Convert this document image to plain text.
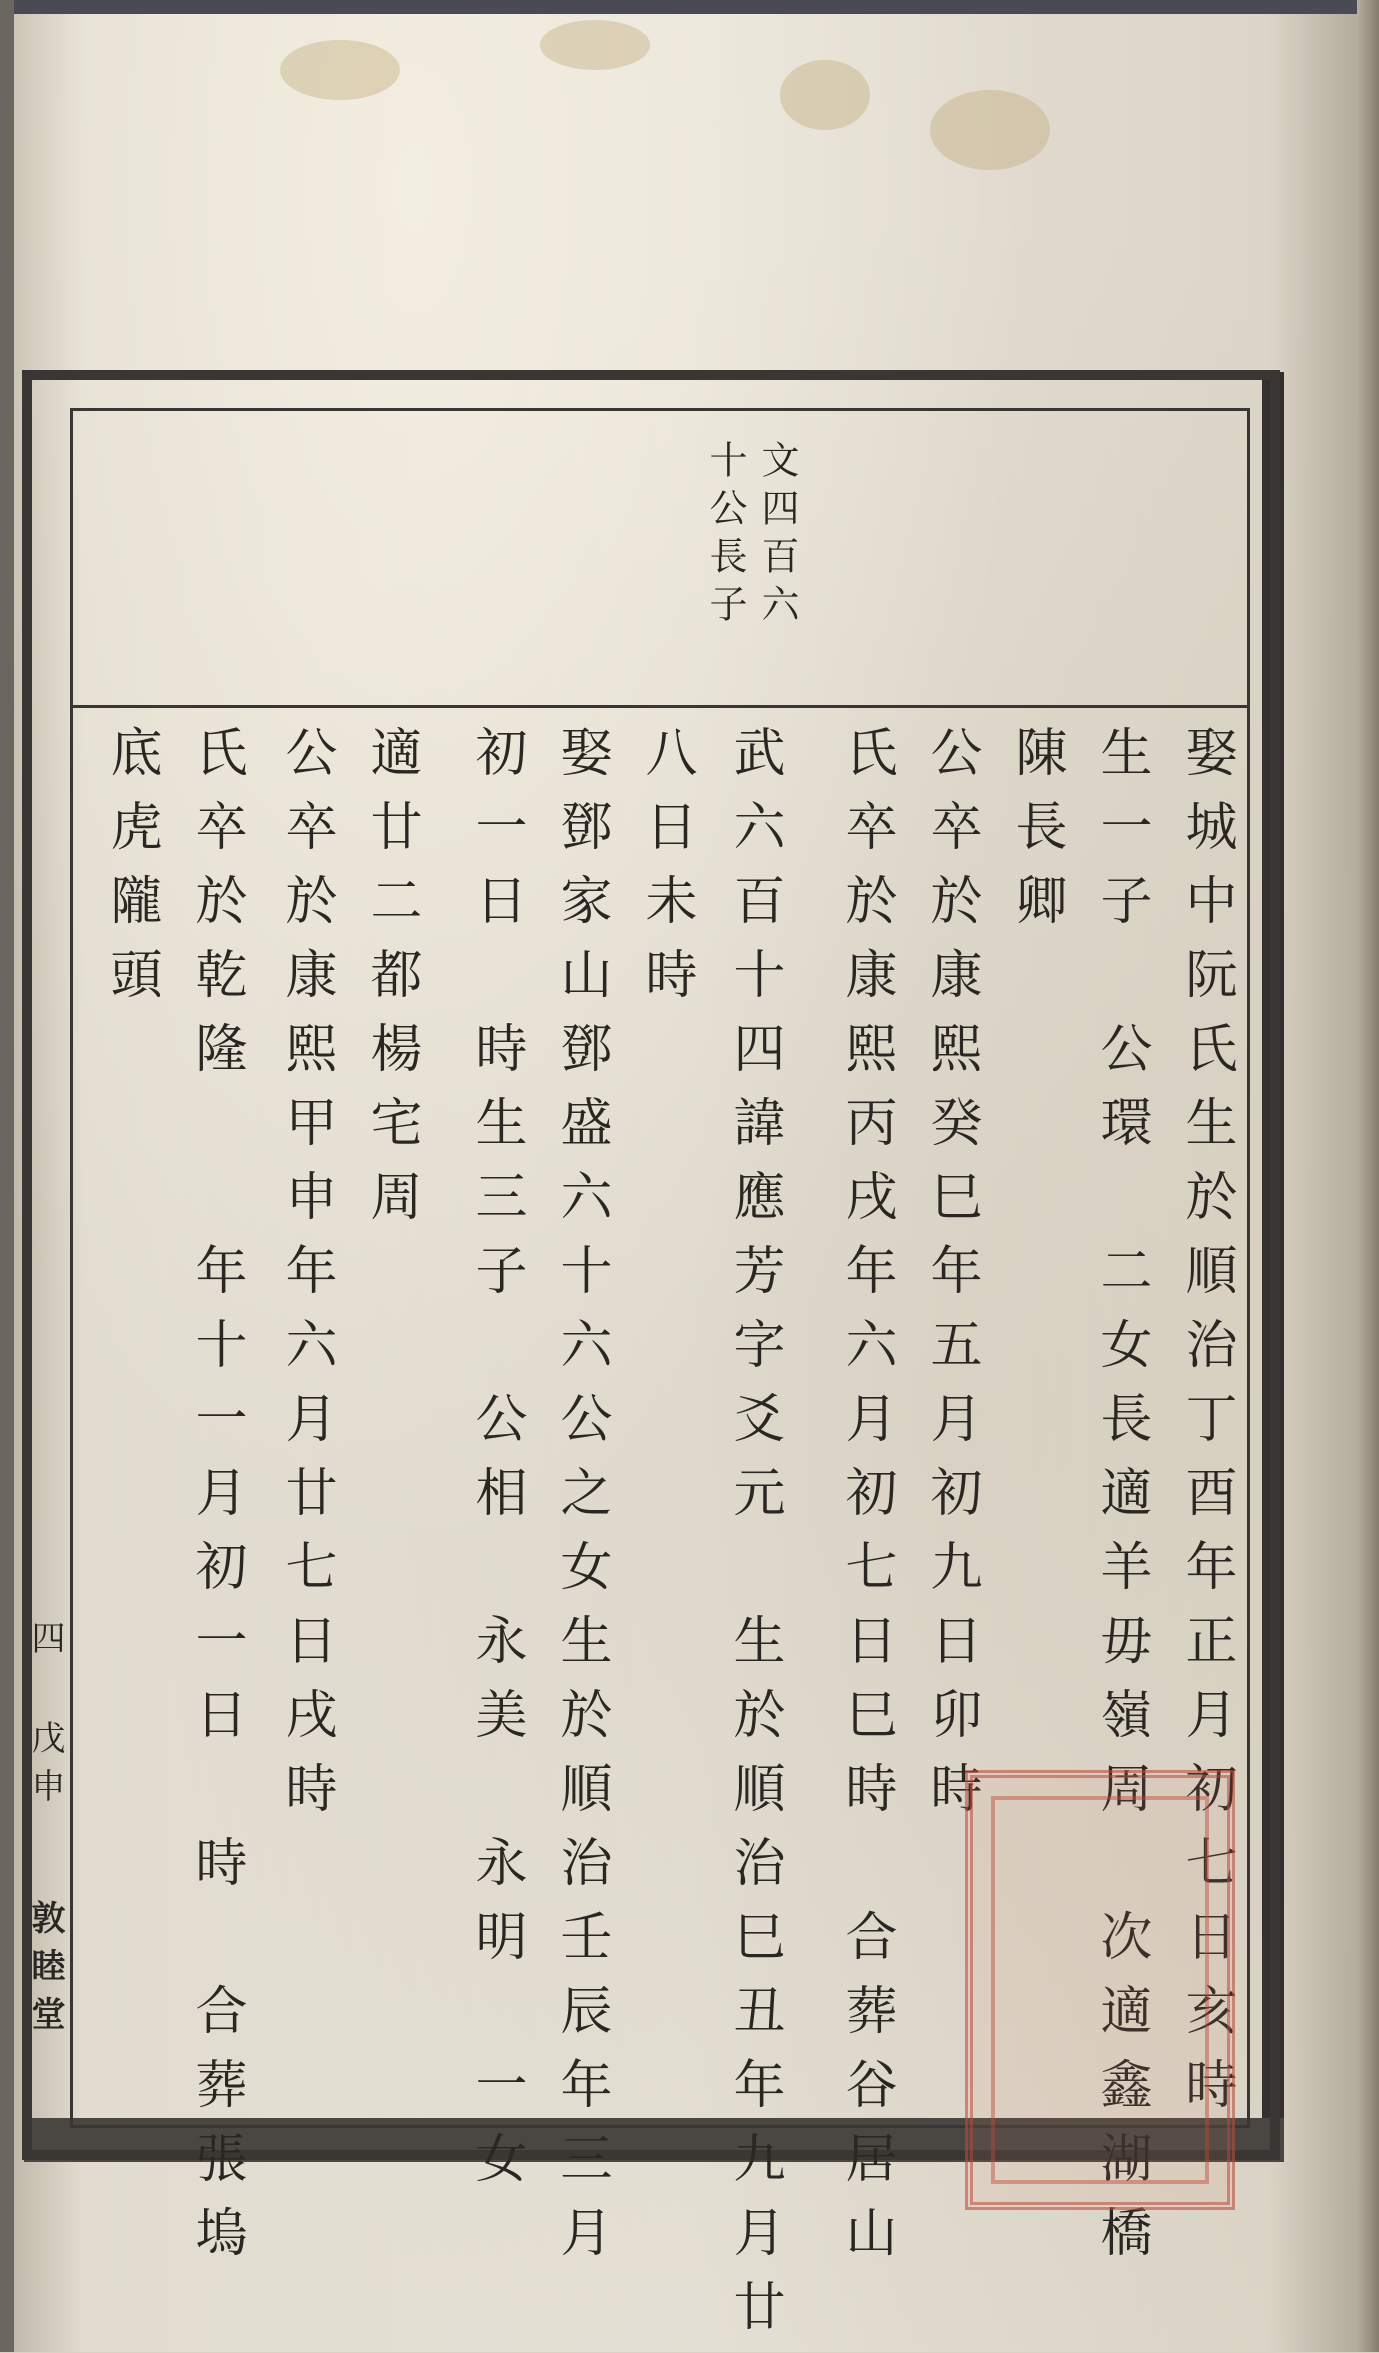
四
戊申
敦睦堂
文四百六
十公長子

娶城中阮氏生於順治丁酉年正月初七日亥時
生一子　公環　二女長適羊毋嶺周　次適鑫湖橋
陳長卿
公卒於康熙癸巳年五月初九日卯時
氏卒於康熙丙戌年六月初七日巳時　合葬谷居山
武六百十四諱應芳字爻元　生於順治巳丑年九月廿
八日未時
娶鄧家山鄧盛六十六公之女生於順治壬辰年三月
初一日　時生三子　公相　永美　永明　一女
適廿二都楊宅周
公卒於康熙甲申年六月廿七日戌時
氏卒於乾隆　　年十一月初一日　時　合葬張塢
底虎隴頭
